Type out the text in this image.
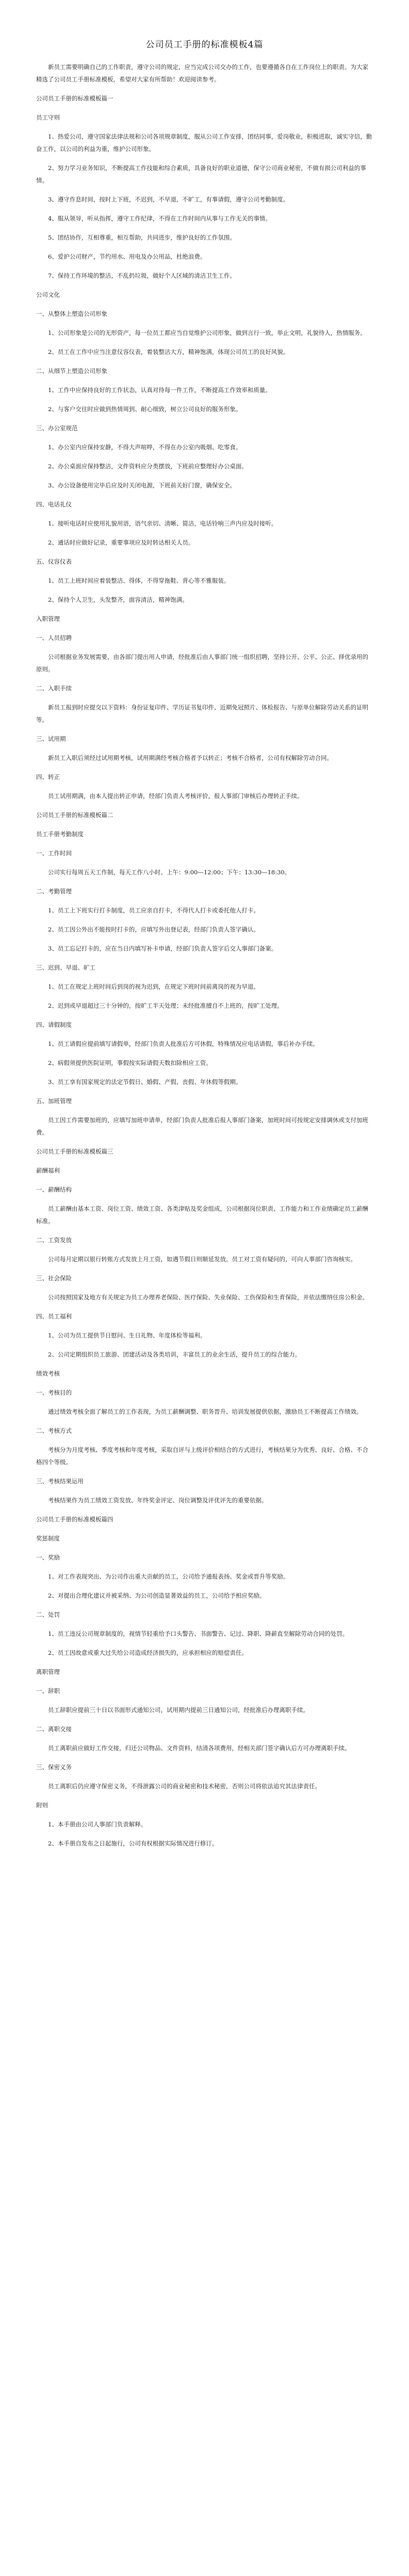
公司员工手册的标准模板4篇

新员工需要明确自己的工作职责，遵守公司的规定，应当完成公司交办的工作，也要遵循各自在工作岗位上的职责。为大家精选了公司员工手册标准模板，希望对大家有所帮助！欢迎阅读参考。

公司员工手册的标准模板篇一

员工守则

1、热爱公司，遵守国家法律法规和公司各项规章制度，服从公司工作安排，团结同事，爱岗敬业，积极进取，诚实守信，勤奋工作，以公司的利益为重，维护公司形象。

2、努力学习业务知识，不断提高工作技能和综合素质，具备良好的职业道德，保守公司商业秘密，不做有损公司利益的事情。

3、遵守作息时间，按时上下班，不迟到，不早退，不旷工，有事请假，遵守公司考勤制度。

4、服从领导，听从指挥，遵守工作纪律，不得在工作时间内从事与工作无关的事情。

5、团结协作，互相尊重，相互帮助，共同进步，维护良好的工作氛围。

6、爱护公司财产，节约用水、用电及办公用品，杜绝浪费。

7、保持工作环境的整洁，不乱扔垃圾，做好个人区域的清洁卫生工作。

公司文化

一、从整体上塑造公司形象

1、公司形象是公司的无形资产，每一位员工都应当自觉维护公司形象，做到言行一致，举止文明，礼貌待人，热情服务。

2、员工在工作中应当注意仪容仪表，着装整洁大方，精神饱满，体现公司员工的良好风貌。

二、从细节上塑造公司形象

1、工作中应保持良好的工作状态，认真对待每一件工作，不断提高工作效率和质量。

2、与客户交往时应做到热情周到、耐心细致，树立公司良好的服务形象。

三、办公室规范

1、办公室内应保持安静，不得大声喧哗，不得在办公室内吸烟、吃零食。

2、办公桌面应保持整洁，文件资料应分类摆放，下班前应整理好办公桌面。

3、办公设备使用完毕后应及时关闭电源，下班前关好门窗，确保安全。

四、电话礼仪

1、接听电话时应使用礼貌用语，语气亲切、清晰、简洁，电话铃响三声内应及时接听。

2、通话时应做好记录，重要事项应及时转达相关人员。

五、仪容仪表

1、员工上班时间应着装整洁、得体，不得穿拖鞋、背心等不雅服装。

2、保持个人卫生，头发整齐，面容清洁，精神饱满。

入职管理

一、人员招聘

公司根据业务发展需要，由各部门提出用人申请，经批准后由人事部门统一组织招聘，坚持公开、公平、公正、择优录用的原则。

二、入职手续

新员工报到时应提交以下资料：身份证复印件、学历证书复印件、近期免冠照片、体检报告、与原单位解除劳动关系的证明等。

三、试用期

新员工入职后须经过试用期考核，试用期满经考核合格者予以转正；考核不合格者，公司有权解除劳动合同。

四、转正

员工试用期满，由本人提出转正申请，经部门负责人考核评价，报人事部门审核后办理转正手续。

公司员工手册的标准模板篇二

员工手册考勤制度

一、工作时间

公司实行每周五天工作制，每天工作八小时。上午：9:00—12:00；下午：13:30—18:30。

二、考勤管理

1、员工上下班实行打卡制度，员工应亲自打卡，不得代人打卡或委托他人打卡。

2、员工因公外出不能按时打卡的，应填写外出登记表，经部门负责人签字确认。

3、员工忘记打卡的，应在当日内填写补卡申请，经部门负责人签字后交人事部门备案。

三、迟到、早退、旷工

1、员工在规定上班时间后到岗的视为迟到，在规定下班时间前离岗的视为早退。

2、迟到或早退超过三十分钟的，按旷工半天处理；未经批准擅自不上班的，按旷工处理。

四、请假制度

1、员工请假应提前填写请假单，经部门负责人批准后方可休假，特殊情况应电话请假，事后补办手续。

2、病假须提供医院证明，事假按实际请假天数扣除相应工资。

3、员工享有国家规定的法定节假日、婚假、产假、丧假、年休假等假期。

五、加班管理

员工因工作需要加班的，应填写加班申请单，经部门负责人批准后报人事部门备案，加班时间可按规定安排调休或支付加班费。

公司员工手册的标准模板篇三

薪酬福利

一、薪酬结构

员工薪酬由基本工资、岗位工资、绩效工资、各类津贴及奖金组成，公司根据岗位职责、工作能力和工作业绩确定员工薪酬标准。

二、工资发放

公司每月定期以银行转账方式发放上月工资，如遇节假日则顺延发放。员工对工资有疑问的，可向人事部门咨询核实。

三、社会保险

公司按照国家及地方有关规定为员工办理养老保险、医疗保险、失业保险、工伤保险和生育保险，并依法缴纳住房公积金。

四、员工福利

1、公司为员工提供节日慰问、生日礼物、年度体检等福利。

2、公司定期组织员工旅游、团建活动及各类培训，丰富员工的业余生活，提升员工的综合能力。

绩效考核

一、考核目的

通过绩效考核全面了解员工的工作表现，为员工薪酬调整、职务晋升、培训发展提供依据，激励员工不断提高工作绩效。

二、考核方式

考核分为月度考核、季度考核和年度考核，采取自评与上级评价相结合的方式进行，考核结果分为优秀、良好、合格、不合格四个等级。

三、考核结果运用

考核结果作为员工绩效工资发放、年终奖金评定、岗位调整及评优评先的重要依据。

公司员工手册的标准模板篇四

奖惩制度

一、奖励

1、对工作表现突出、为公司作出重大贡献的员工，公司给予通报表扬、奖金或晋升等奖励。

2、对提出合理化建议并被采纳、为公司创造显著效益的员工，公司给予相应奖励。

二、处罚

1、员工违反公司规章制度的，视情节轻重给予口头警告、书面警告、记过、降职、降薪直至解除劳动合同的处罚。

2、员工因故意或重大过失给公司造成经济损失的，应承担相应的赔偿责任。

离职管理

一、辞职

员工辞职应提前三十日以书面形式通知公司，试用期内提前三日通知公司，经批准后办理离职手续。

二、离职交接

员工离职前应做好工作交接，归还公司物品、文件资料，结清各项费用，经相关部门签字确认后方可办理离职手续。

三、保密义务

员工离职后仍应遵守保密义务，不得泄露公司的商业秘密和技术秘密，否则公司将依法追究其法律责任。

附则

1、本手册由公司人事部门负责解释。

2、本手册自发布之日起施行，公司有权根据实际情况进行修订。
